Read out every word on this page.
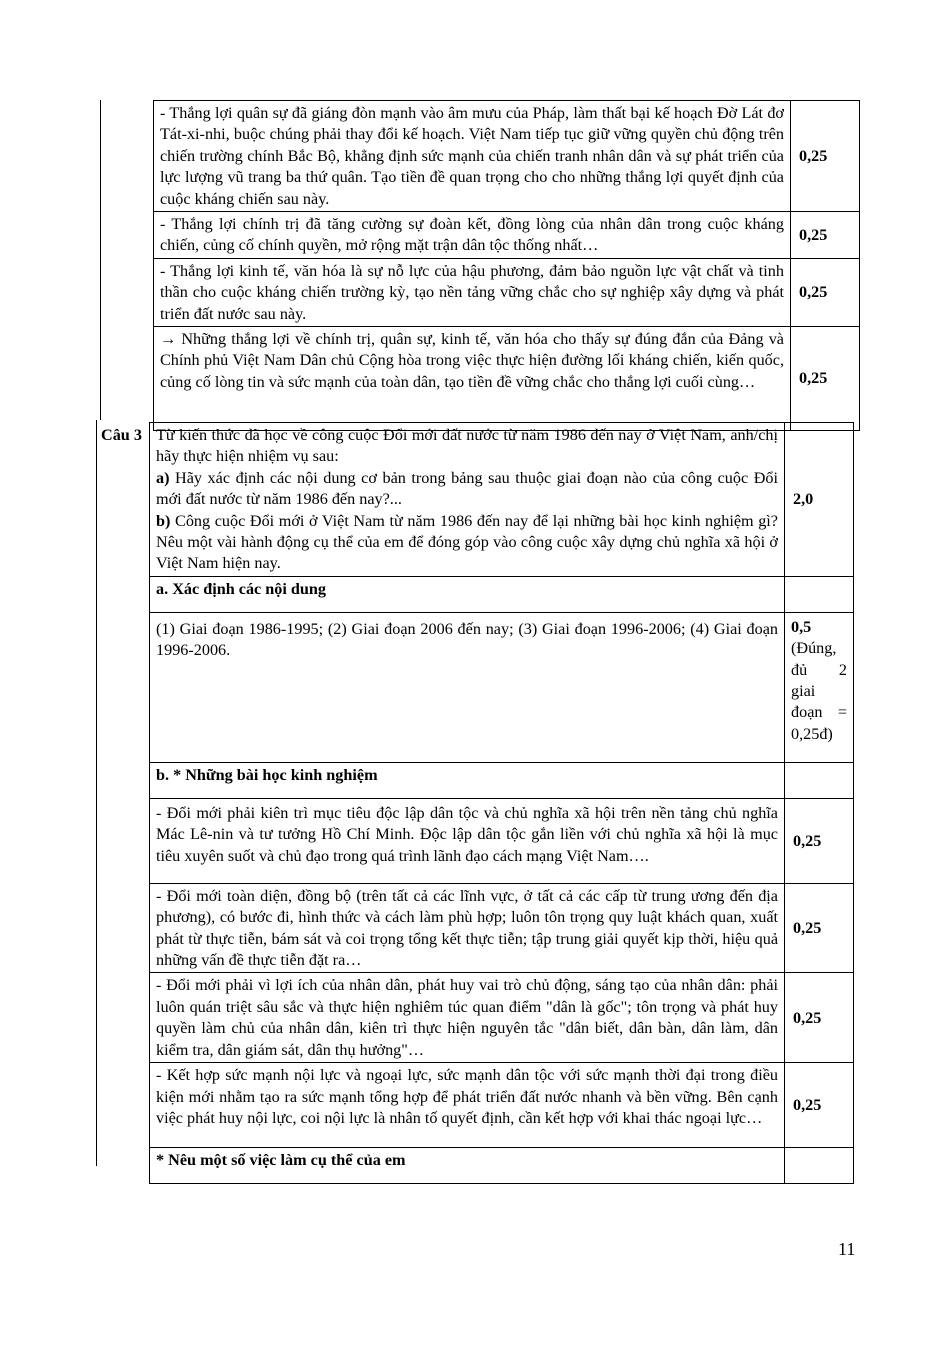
- Thắng lợi quân sự đã giáng đòn mạnh vào âm mưu của Pháp, làm thất bại kế hoạch Đờ Lát đơ Tát-xi-nhi, buộc chúng phải thay đổi kế hoạch. Việt Nam tiếp tục giữ vững quyền chủ động trên chiến trường chính Bắc Bộ, khẳng định sức mạnh của chiến tranh nhân dân và sự phát triển của lực lượng vũ trang ba thứ quân. Tạo tiền đề quan trọng cho cho những thắng lợi quyết định của cuộc kháng chiến sau này.	0,25
- Thắng lợi chính trị đã tăng cường sự đoàn kết, đồng lòng của nhân dân trong cuộc kháng chiến, củng cố chính quyền, mở rộng mặt trận dân tộc thống nhất…	0,25
- Thắng lợi kinh tế, văn hóa là sự nỗ lực của hậu phương, đảm bảo nguồn lực vật chất và tinh thần cho cuộc kháng chiến trường kỳ, tạo nền tảng vững chắc cho sự nghiệp xây dựng và phát triển đất nước sau này.	0,25
→ Những thắng lợi về chính trị, quân sự, kinh tế, văn hóa cho thấy sự đúng đắn của Đảng và Chính phủ Việt Nam Dân chủ Cộng hòa trong việc thực hiện đường lối kháng chiến, kiến quốc, củng cố lòng tin và sức mạnh của toàn dân, tạo tiền đề vững chắc cho thắng lợi cuối cùng…	0,25
Câu 3	Từ kiến thức đã học về công cuộc Đổi mới đất nước từ năm 1986 đến nay ở Việt Nam, anh/chị hãy thực hiện nhiệm vụ sau:
a) Hãy xác định các nội dung cơ bản trong bảng sau thuộc giai đoạn nào của công cuộc Đổi mới đất nước từ năm 1986 đến nay?...
b) Công cuộc Đổi mới ở Việt Nam từ năm 1986 đến nay để lại những bài học kinh nghiệm gì? Nêu một vài hành động cụ thể của em để đóng góp vào công cuộc xây dựng chủ nghĩa xã hội ở Việt Nam hiện nay.	2,0
	a. Xác định các nội dung	
	(1) Giai đoạn 1986-1995; (2) Giai đoạn 2006 đến nay; (3) Giai đoạn 1996-2006; (4) Giai đoạn 1996-2006.	0,5
(Đúng, đủ 2 giai đoạn = 0,25đ)

	b. * Những bài học kinh nghiệm	
	- Đổi mới phải kiên trì mục tiêu độc lập dân tộc và chủ nghĩa xã hội trên nền tảng chủ nghĩa Mác Lê-nin và tư tưởng Hồ Chí Minh. Độc lập dân tộc gắn liền với chủ nghĩa xã hội là mục tiêu xuyên suốt và chủ đạo trong quá trình lãnh đạo cách mạng Việt Nam….	0,25
	- Đổi mới toàn diện, đồng bộ (trên tất cả các lĩnh vực, ở tất cả các cấp từ trung ương đến địa phương), có bước đi, hình thức và cách làm phù hợp; luôn tôn trọng quy luật khách quan, xuất phát từ thực tiễn, bám sát và coi trọng tổng kết thực tiễn; tập trung giải quyết kịp thời, hiệu quả những vấn đề thực tiễn đặt ra…	0,25
	- Đổi mới phải vì lợi ích của nhân dân, phát huy vai trò chủ động, sáng tạo của nhân dân: phải luôn quán triệt sâu sắc và thực hiện nghiêm túc quan điểm "dân là gốc"; tôn trọng và phát huy quyền làm chủ của nhân dân, kiên trì thực hiện nguyên tắc "dân biết, dân bàn, dân làm, dân kiểm tra, dân giám sát, dân thụ hưởng"…	0,25
	- Kết hợp sức mạnh nội lực và ngoại lực, sức mạnh dân tộc với sức mạnh thời đại trong điều kiện mới nhằm tạo ra sức mạnh tổng hợp để phát triển đất nước nhanh và bền vững. Bên cạnh việc phát huy nội lực, coi nội lực là nhân tố quyết định, cần kết hợp với khai thác ngoại lực…	0,25
	* Nêu một số việc làm cụ thể của em	
11
